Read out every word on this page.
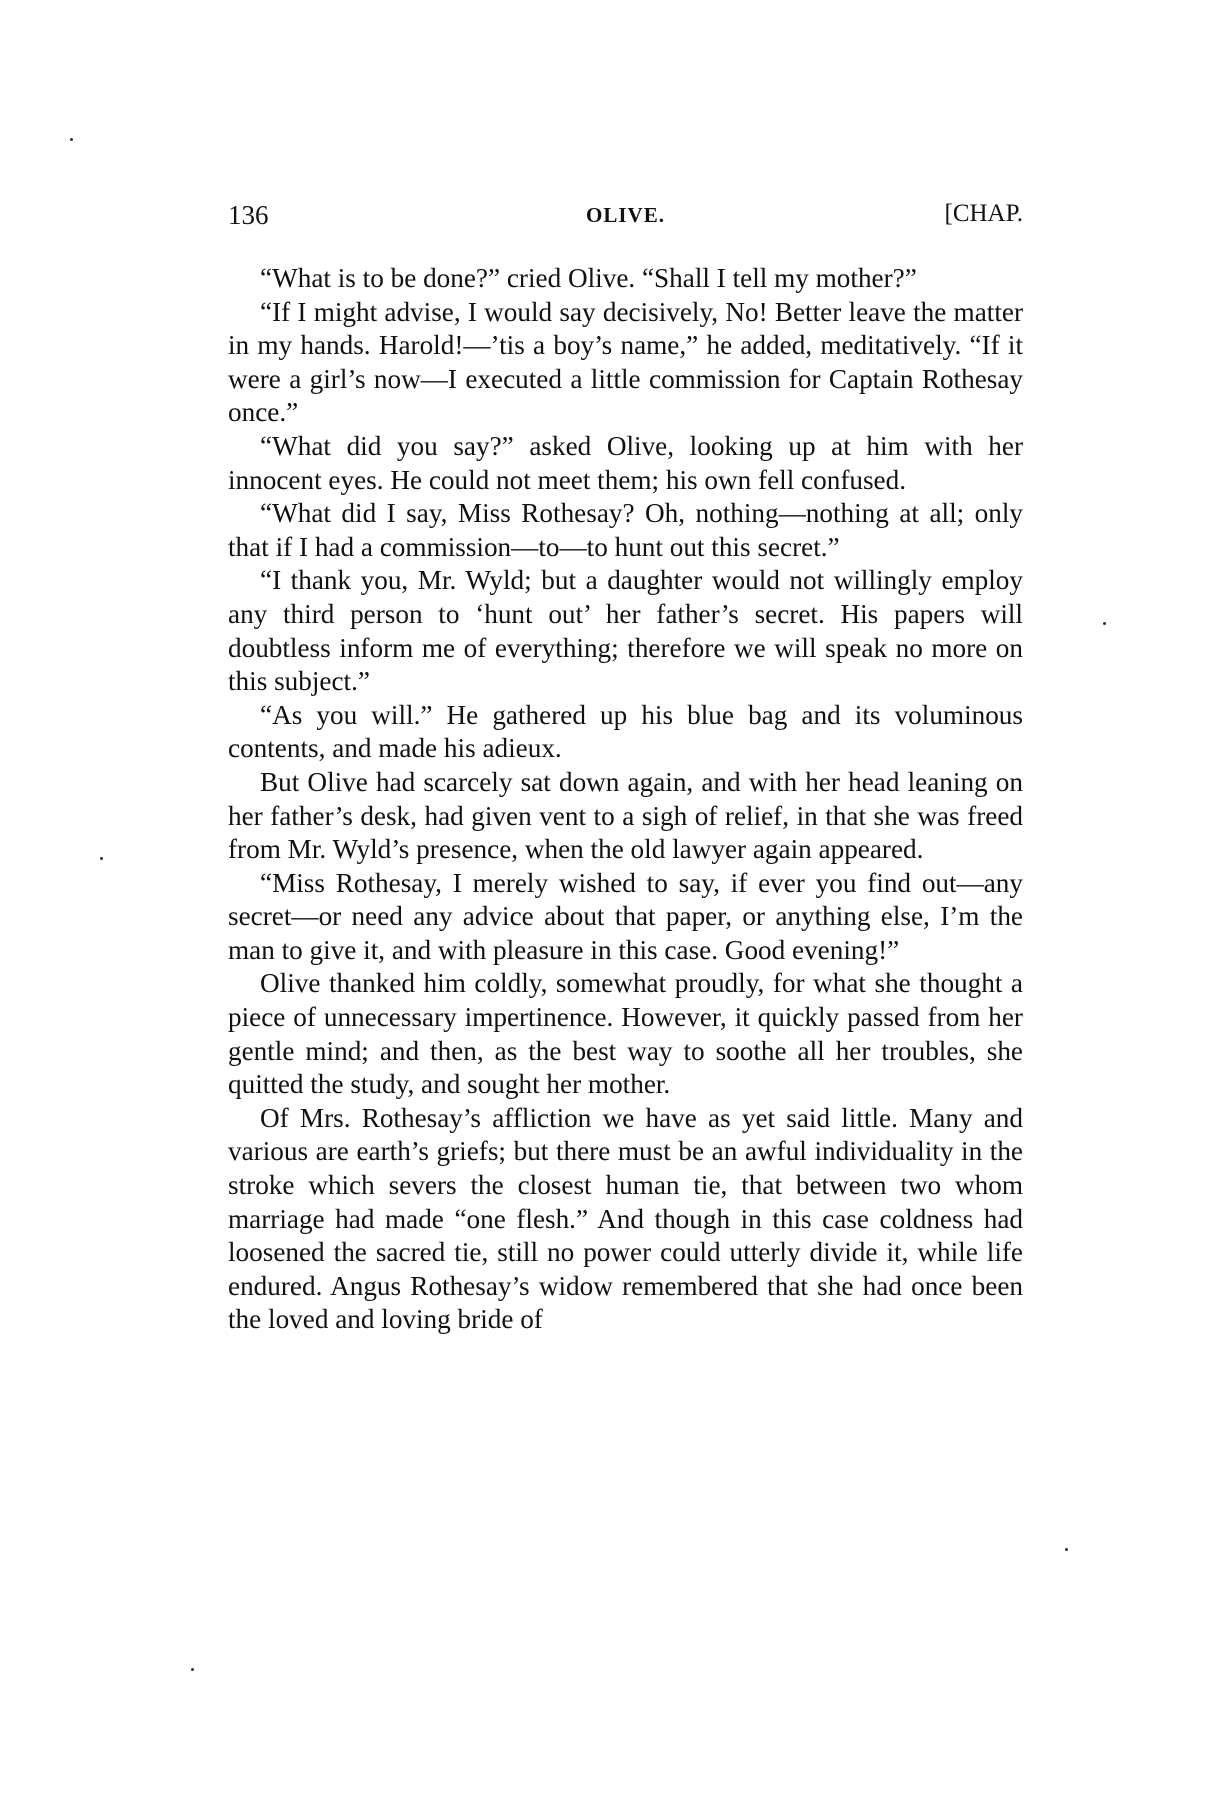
136	OLIVE.	[CHAP.

“What is to be done?” cried Olive. “Shall I tell my mother?”

“If I might advise, I would say decisively, No! Better leave the matter in my hands. Harold!—’tis a boy’s name,” he added, meditatively. “If it were a girl’s now—I executed a little commission for Captain Rothesay once.”

“What did you say?” asked Olive, looking up at him with her innocent eyes. He could not meet them; his own fell confused.

“What did I say, Miss Rothesay? Oh, nothing—nothing at all; only that if I had a commission—to—to hunt out this secret.”

“I thank you, Mr. Wyld; but a daughter would not willingly employ any third person to ‘hunt out’ her father’s secret. His papers will doubtless inform me of everything; therefore we will speak no more on this subject.”

“As you will.” He gathered up his blue bag and its voluminous contents, and made his adieux.

But Olive had scarcely sat down again, and with her head leaning on her father’s desk, had given vent to a sigh of relief, in that she was freed from Mr. Wyld’s presence, when the old lawyer again appeared.

“Miss Rothesay, I merely wished to say, if ever you find out—any secret—or need any advice about that paper, or anything else, I’m the man to give it, and with pleasure in this case. Good evening!”

Olive thanked him coldly, somewhat proudly, for what she thought a piece of unnecessary impertinence. However, it quickly passed from her gentle mind; and then, as the best way to soothe all her troubles, she quitted the study, and sought her mother.

Of Mrs. Rothesay’s affliction we have as yet said little. Many and various are earth’s griefs; but there must be an awful individuality in the stroke which severs the closest human tie, that between two whom marriage had made “one flesh.” And though in this case coldness had loosened the sacred tie, still no power could utterly divide it, while life endured. Angus Rothesay’s widow remembered that she had once been the loved and loving bride of
